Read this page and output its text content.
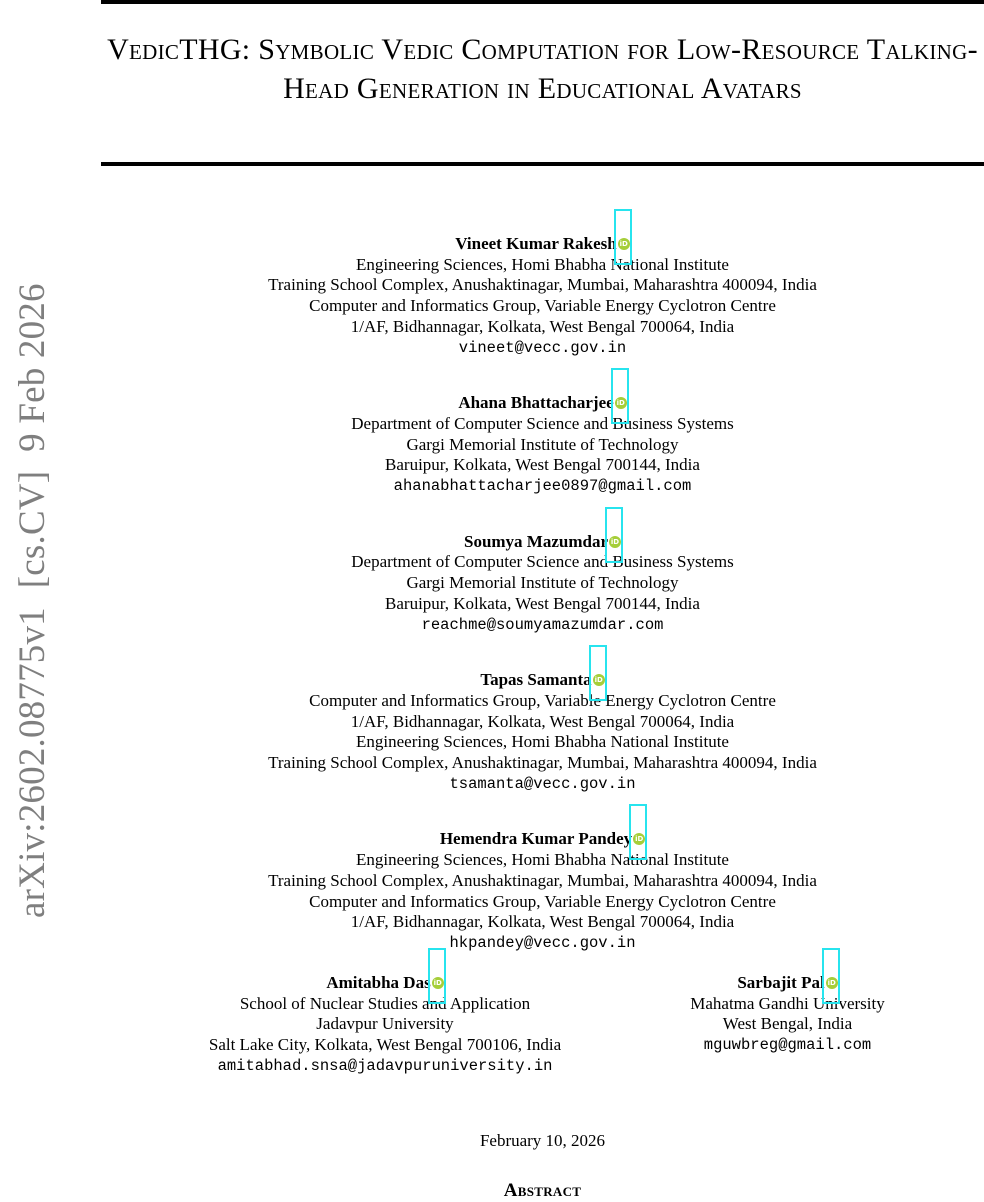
VedicTHG: Symbolic Vedic Computation for Low-Resource Talking-Head Generation in Educational Avatars
arXiv:2602.08775v1  [cs.CV]  9 Feb 2026
Vineet Kumar Rakesh iD
Engineering Sciences, Homi Bhabha National Institute
Training School Complex, Anushaktinagar, Mumbai, Maharashtra 400094, India
Computer and Informatics Group, Variable Energy Cyclotron Centre
1/AF, Bidhannagar, Kolkata, West Bengal 700064, India
vineet@vecc.gov.in
Ahana Bhattacharjee iD
Department of Computer Science and Business Systems
Gargi Memorial Institute of Technology
Baruipur, Kolkata, West Bengal 700144, India
ahanabhattacharjee0897@gmail.com
Soumya Mazumdar iD
Department of Computer Science and Business Systems
Gargi Memorial Institute of Technology
Baruipur, Kolkata, West Bengal 700144, India
reachme@soumyamazumdar.com
Tapas Samanta iD
Computer and Informatics Group, Variable Energy Cyclotron Centre
1/AF, Bidhannagar, Kolkata, West Bengal 700064, India
Engineering Sciences, Homi Bhabha National Institute
Training School Complex, Anushaktinagar, Mumbai, Maharashtra 400094, India
tsamanta@vecc.gov.in
Hemendra Kumar Pandey iD
Engineering Sciences, Homi Bhabha National Institute
Training School Complex, Anushaktinagar, Mumbai, Maharashtra 400094, India
Computer and Informatics Group, Variable Energy Cyclotron Centre
1/AF, Bidhannagar, Kolkata, West Bengal 700064, India
hkpandey@vecc.gov.in
Amitabha Das iD
School of Nuclear Studies and Application
Jadavpur University
Salt Lake City, Kolkata, West Bengal 700106, India
amitabhad.snsa@jadavpuruniversity.in
Sarbajit Pal iD
Mahatma Gandhi University
West Bengal, India
mguwbreg@gmail.com
February 10, 2026
Abstract
